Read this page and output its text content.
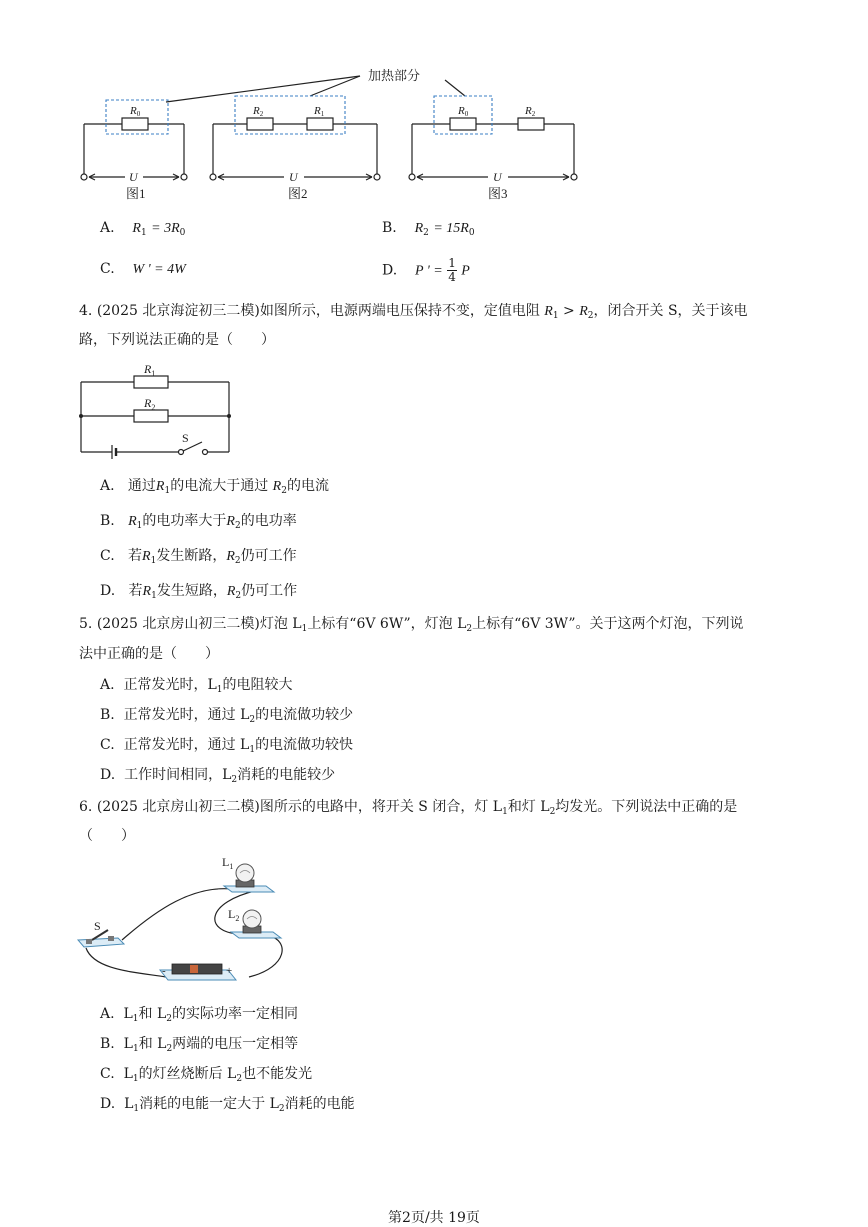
加热部分
R0	R2	R1	R0	R2
U	U	U
图1	图2	图3
A. $R_1 = 3R_0$	B. $R_2 = 15R_0$
C. W ' = 4W	D. P ' = $\frac{1}{4}$ P
4. (2025 北京海淀初三二模)如图所示，电源两端电压保持不变，定值电阻 $R_1 > R_2$，闭合开关 S，关于该电
路，下列说法正确的是（　　）
$R_1$
$R_2$
S
A. 通过$R_1$的电流大于通过 $R_2$的电流
B. $R_1$的电功率大于$R_2$的电功率
C. 若$R_1$发生断路，$R_2$仍可工作
D. 若$R_1$发生短路，$R_2$仍可工作
5. (2025 北京房山初三二模)灯泡 $L_1$上标有“6V 6W”，灯泡 $L_2$上标有“6V 3W”。关于这两个灯泡，下列说
法中正确的是（　　）
A. 正常发光时，$L_1$的电阻较大
B. 正常发光时，通过 $L_2$的电流做功较少
C. 正常发光时，通过 $L_1$的电流做功较快
D. 工作时间相同，$L_2$消耗的电能较少
6. (2025 北京房山初三二模)图所示的电路中，将开关 S 闭合，灯 $L_1$和灯 $L_2$均发光。下列说法中正确的是
（　　）
$L_1$
$L_2$
S
-	+
A. $L_1$和 $L_2$的实际功率一定相同
B. $L_1$和 $L_2$两端的电压一定相等
C. $L_1$的灯丝烧断后 $L_2$也不能发光
D. $L_1$消耗的电能一定大于 $L_2$消耗的电能
第2页/共 19页
